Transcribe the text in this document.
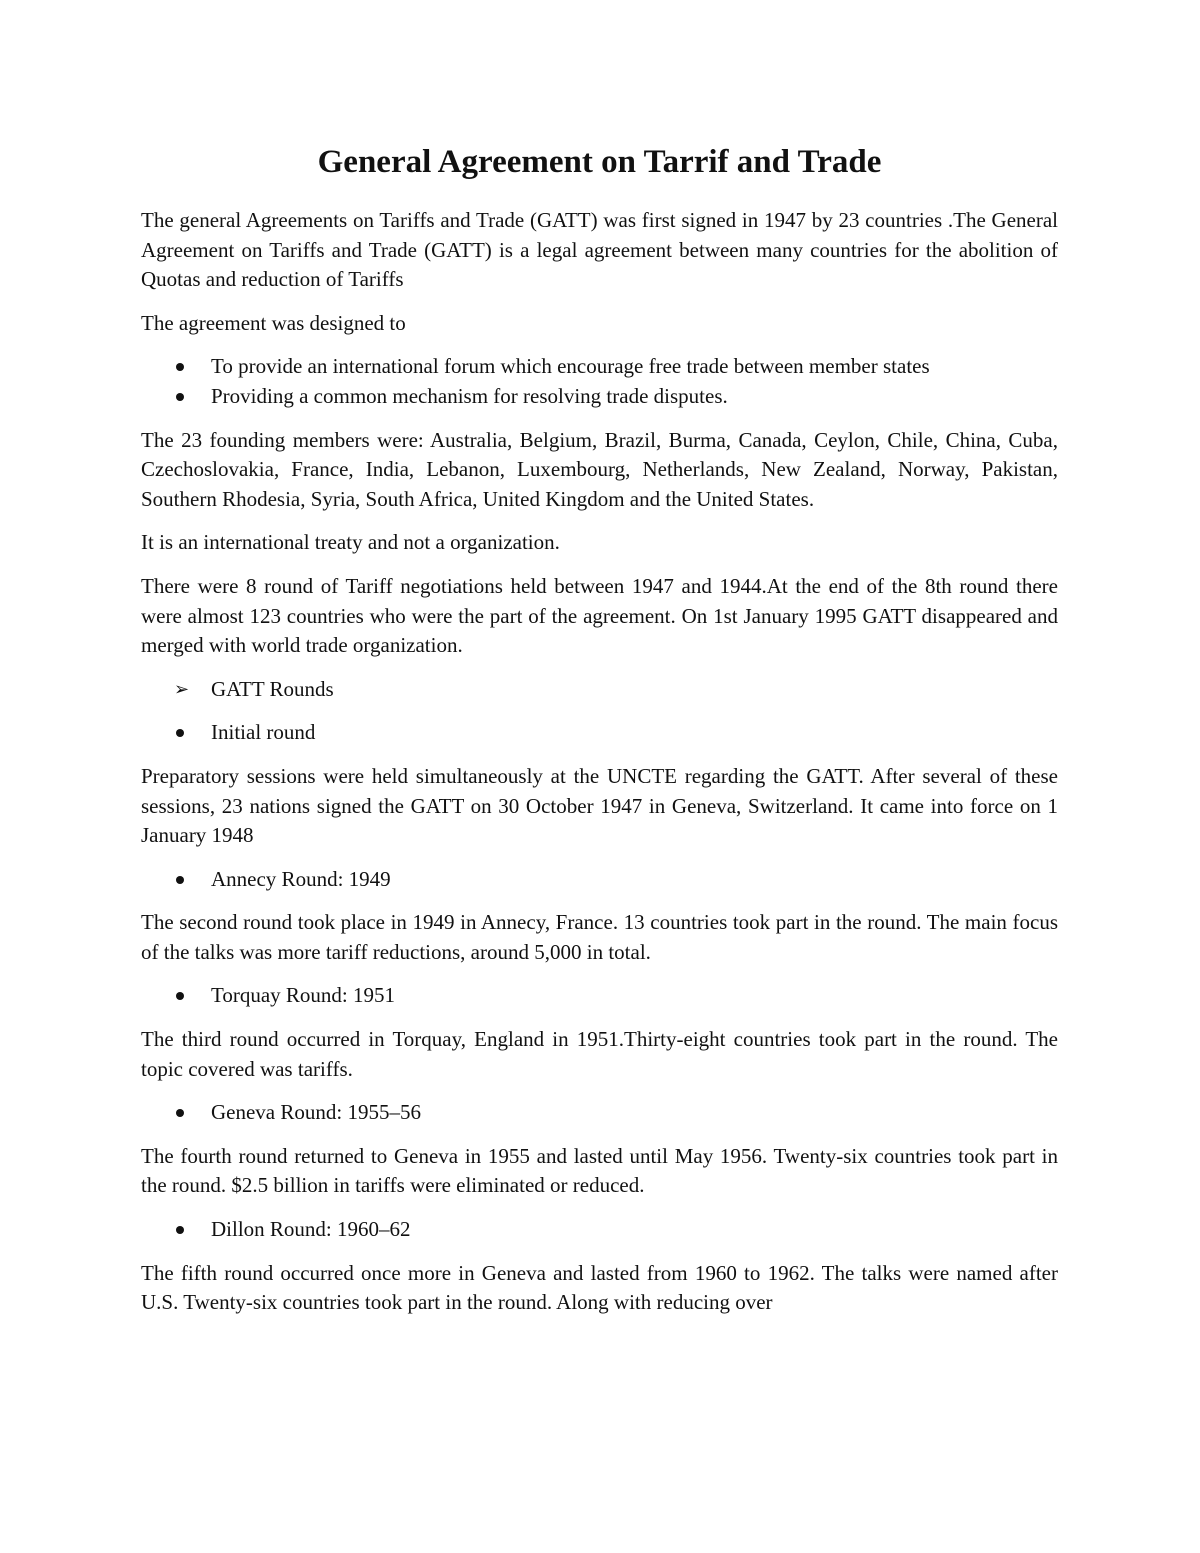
General Agreement on Tarrif and Trade

The general Agreements on Tariffs and Trade (GATT) was first signed in 1947 by 23 countries .The General Agreement on Tariffs and Trade (GATT) is a legal agreement between many countries for the abolition of Quotas and reduction of Tariffs

The agreement was designed to

To provide an international forum which encourage free trade between member states
Providing a common mechanism for resolving trade disputes.

The 23 founding members were: Australia, Belgium, Brazil, Burma, Canada, Ceylon, Chile, China, Cuba, Czechoslovakia, France, India, Lebanon, Luxembourg, Netherlands, New Zealand, Norway, Pakistan, Southern Rhodesia, Syria, South Africa, United Kingdom and the United States.

It is an international treaty and not a organization.

There were 8 round of Tariff negotiations held between 1947 and 1944.At the end of the 8th round there were almost 123 countries who were the part of the agreement. On 1st January 1995 GATT disappeared and merged with world trade organization.

➢ GATT Rounds
Initial round

Preparatory sessions were held simultaneously at the UNCTE regarding the GATT. After several of these sessions, 23 nations signed the GATT on 30 October 1947 in Geneva, Switzerland. It came into force on 1 January 1948

Annecy Round: 1949

The second round took place in 1949 in Annecy, France. 13 countries took part in the round. The main focus of the talks was more tariff reductions, around 5,000 in total.

Torquay Round: 1951

The third round occurred in Torquay, England in 1951.Thirty-eight countries took part in the round. The topic covered was tariffs.

Geneva Round: 1955–56

The fourth round returned to Geneva in 1955 and lasted until May 1956. Twenty-six countries took part in the round. $2.5 billion in tariffs were eliminated or reduced.

Dillon Round: 1960–62

The fifth round occurred once more in Geneva and lasted from 1960 to 1962. The talks were named after U.S. Twenty-six countries took part in the round. Along with reducing over
